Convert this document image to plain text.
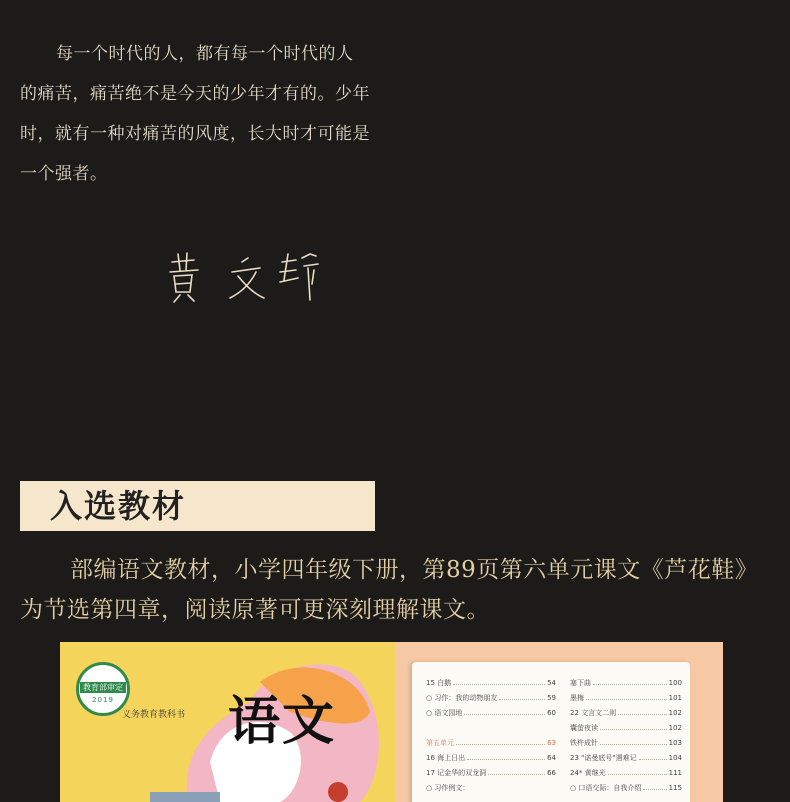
每一个时代的人，都有每一个时代的人的痛苦，痛苦绝不是今天的少年才有的。少年时，就有一种对痛苦的风度，长大时才可能是一个强者。
入选教材
部编语文教材，小学四年级下册，第89页第六单元课文《芦花鞋》为节选第四章，阅读原著可更深刻理解课文。
教育部审定
2019
义务教育教科书 语文
15 白鹅	54
○ 习作：我的动物朋友	59
○ 语文园地	60
第五单元	63
16 海上日出	64
17 记金华的双龙洞	66
○ 习作例文：
塞下曲	100
墨梅	101
22 文言文二则	102
囊萤夜读	102
铁杵成针	103
23 "诺曼底号"遇难记	104
24* 黄继光	111
○ 口语交际：自我介绍	115
